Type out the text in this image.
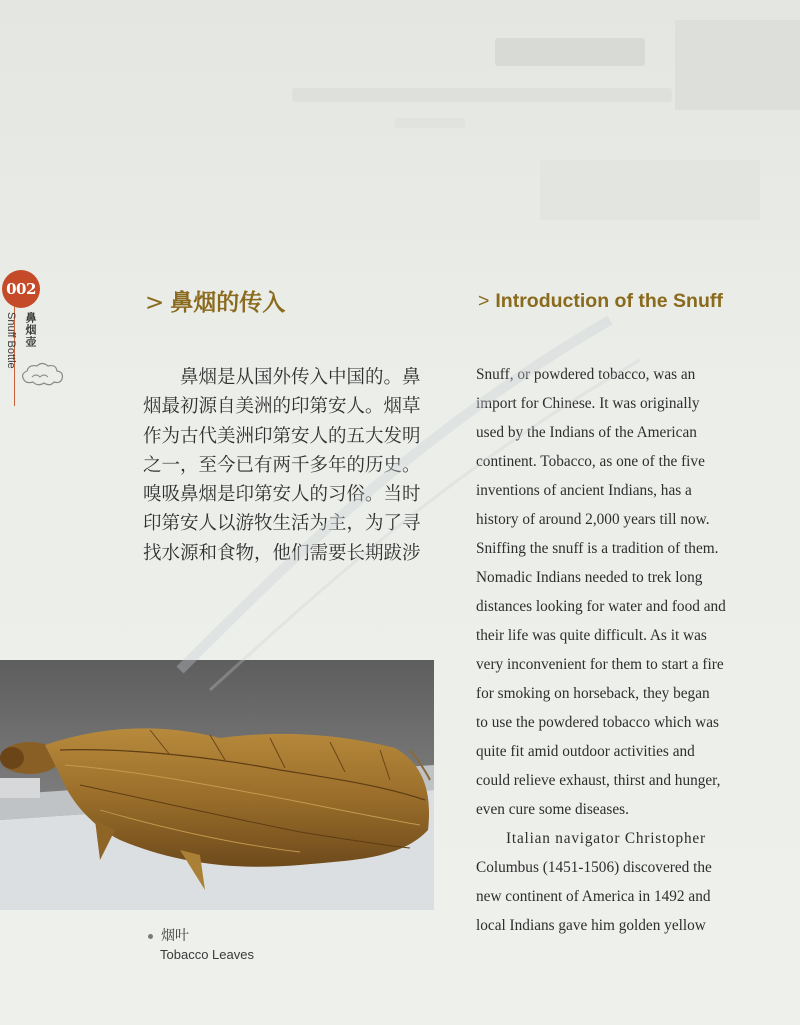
002
鼻烟壶
Snuff Bottle
> 鼻烟的传入	> Introduction of the Snuff
鼻烟是从国外传入中国的。鼻
烟最初源自美洲的印第安人。烟草
作为古代美洲印第安人的五大发明
之一，至今已有两千多年的历史。
嗅吸鼻烟是印第安人的习俗。当时
印第安人以游牧生活为主，为了寻
找水源和食物，他们需要长期跋涉
Snuff, or powdered tobacco, was an
import for Chinese. It was originally
used by the Indians of the American
continent. Tobacco, as one of the five
inventions of ancient Indians, has a
history of around 2,000 years till now.
Sniffing the snuff is a tradition of them.
Nomadic Indians needed to trek long
distances looking for water and food and
their life was quite difficult. As it was
very inconvenient for them to start a fire
for smoking on horseback, they began
to use the powdered tobacco which was
quite fit amid outdoor activities and
could relieve exhaust, thirst and hunger,
even cure some diseases.
Italian navigator Christopher
Columbus (1451-1506) discovered the
new continent of America in 1492 and
local Indians gave him golden yellow
烟叶
Tobacco Leaves
